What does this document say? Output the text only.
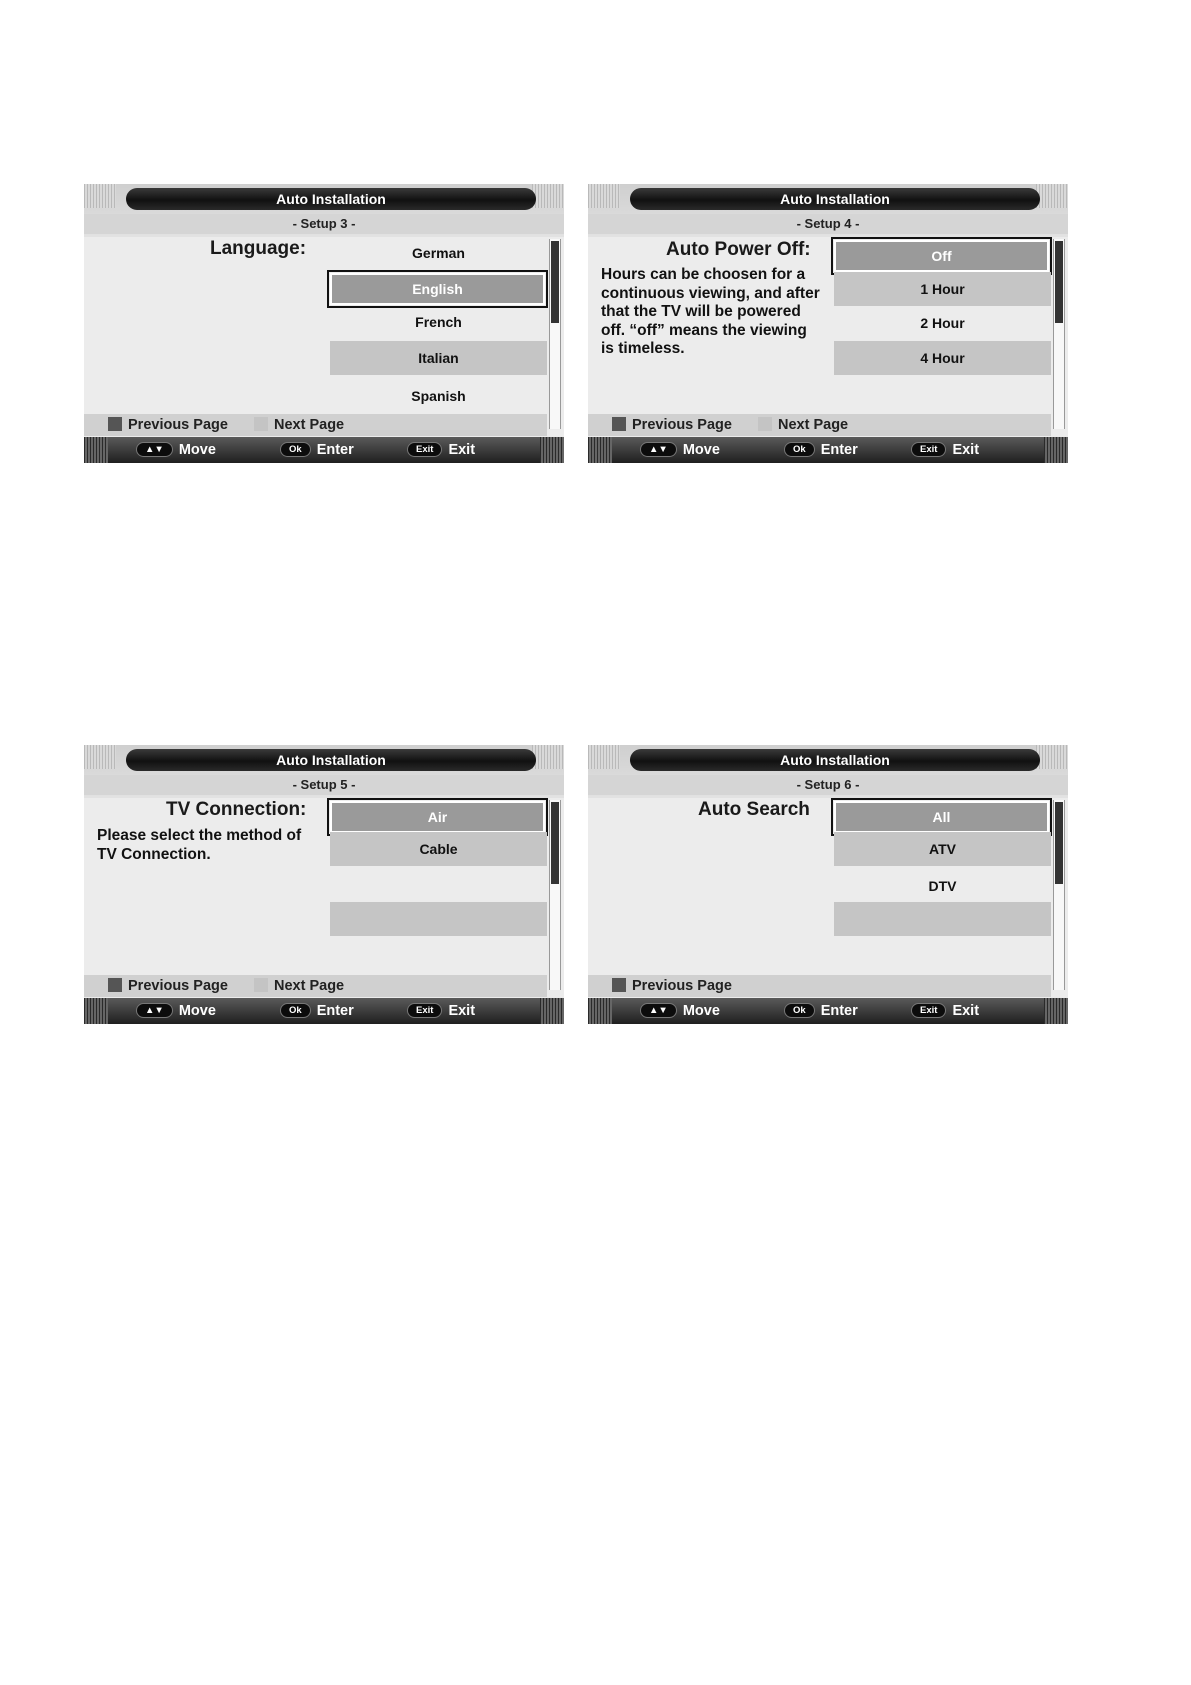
Auto Installation
- Setup 3 -
Language:	German
English
French
Italian
Spanish
Previous Page	Next Page
▲▼ Move	Ok Enter	Exit Exit
Auto Installation
- Setup 4 -
Auto Power Off:
Hours can be choosen for a continuous viewing, and after that the TV will be powered off. “off” means the viewing is timeless.
Off
1 Hour
2 Hour
4 Hour
Previous Page	Next Page
▲▼ Move	Ok Enter	Exit Exit
Auto Installation
- Setup 5 -
TV Connection:
Please select the method of TV Connection.
Air
Cable
Previous Page	Next Page
▲▼ Move	Ok Enter	Exit Exit
Auto Installation
- Setup 6 -
Auto Search	All
ATV
DTV
Previous Page
▲▼ Move	Ok Enter	Exit Exit
